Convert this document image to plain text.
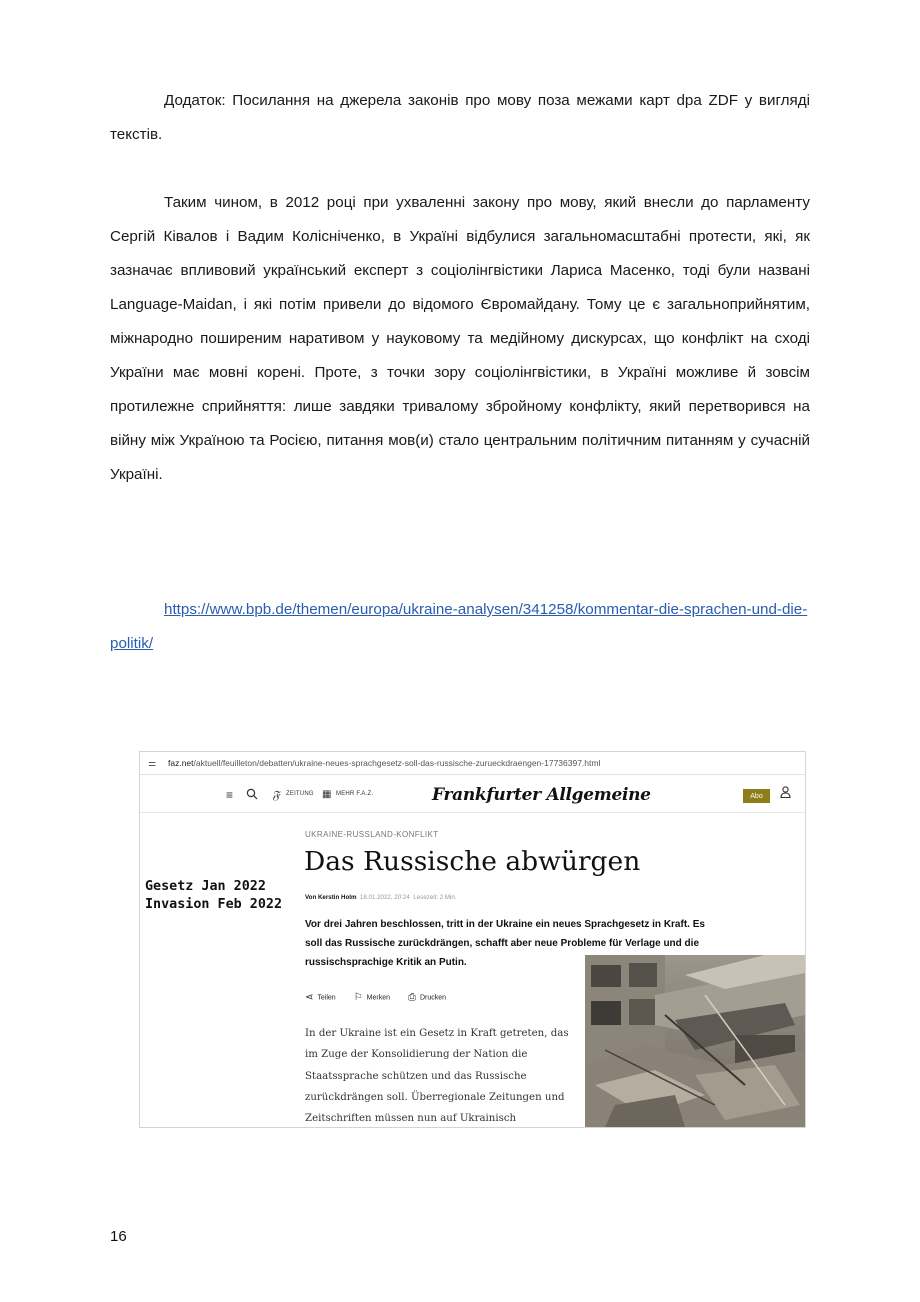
Додаток: Посилання на джерела законів про мову поза межами карт dpa ZDF у вигляді текстів.

Таким чином, в 2012 році при ухваленні закону про мову, який внесли до парламенту Сергій Ківалов і Вадим Колісніченко, в Україні відбулися загальномасштабні протести, які, як зазначає впливовий український експерт з соціолінгвістики Лариса Масенко, тоді були названі Language-Maidan, і які потім привели до відомого Євромайдану. Тому це є загальноприйнятим, міжнародно поширеним наративом у науковому та медійному дискурсах, що конфлікт на сході України має мовні корені. Проте, з точки зору соціолінгвістики, в Україні можливе й зовсім протилежне сприйняття: лише завдяки тривалому збройному конфлікту, який перетворився на війну між Україною та Росією, питання мов(и) стало центральним політичним питанням у сучасній Україні.

https://www.bpb.de/themen/europa/ukraine-analysen/341258/kommentar-die-sprachen-und-die-politik/

⚌	faz.net /aktuell/feuilleton/debatten/ukraine-neues-sprachgesetz-soll-das-russische-zurueckdraengen-17736397.html
≡	𝔉 ZEITUNG ▦ MEHR F.A.Z.	Frankfurter Allgemeine	Abo
Gesetz Jan 2022
Invasion Feb 2022
UKRAINE-RUSSLAND-KONFLIKT
Das Russische abwürgen
Von Kerstin Holm 18.01.2022, 20:24 Lesezeit: 2 Min.
Vor drei Jahren beschlossen, tritt in der Ukraine ein neues Sprachgesetz in Kraft. Es soll das Russische zurückdrängen, schafft aber neue Probleme für Verlage und die russischsprachige Kritik an Putin.
⋖ Teilen ⚐ Merken ⎙ Drucken
In der Ukraine ist ein Gesetz in Kraft getreten, das
im Zuge der Konsolidierung der Nation die
Staatssprache schützen und das Russische
zurückdrängen soll. Überregionale Zeitungen und
Zeitschriften müssen nun auf Ukrainisch
16
